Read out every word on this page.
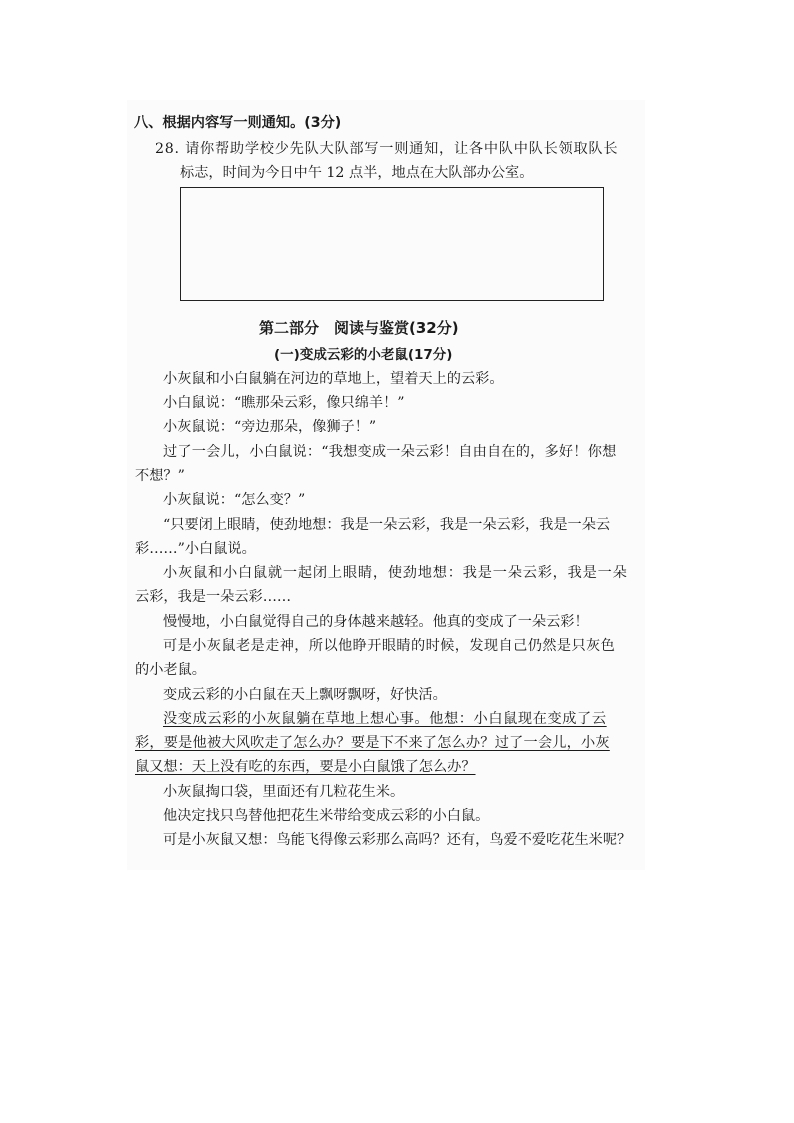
八、根据内容写一则通知。(3分)
28. 请你帮助学校少先队大队部写一则通知，让各中队中队长领取队长
标志，时间为今日中午 12 点半，地点在大队部办公室。
第二部分　阅读与鉴赏(32分)
(一)变成云彩的小老鼠(17分)
小灰鼠和小白鼠躺在河边的草地上，望着天上的云彩。
小白鼠说：“瞧那朵云彩，像只绵羊！”
小灰鼠说：“旁边那朵，像狮子！”
过了一会儿，小白鼠说：“我想变成一朵云彩！自由自在的，多好！你想
不想？”
小灰鼠说：“怎么变？”
“只要闭上眼睛，使劲地想：我是一朵云彩，我是一朵云彩，我是一朵云
彩……”小白鼠说。
小灰鼠和小白鼠就一起闭上眼睛，使劲地想：我是一朵云彩，我是一朵
云彩，我是一朵云彩……
慢慢地，小白鼠觉得自己的身体越来越轻。他真的变成了一朵云彩！
可是小灰鼠老是走神，所以他睁开眼睛的时候，发现自己仍然是只灰色
的小老鼠。
变成云彩的小白鼠在天上飘呀飘呀，好快活。
没变成云彩的小灰鼠躺在草地上想心事。他想：小白鼠现在变成了云
彩，要是他被大风吹走了怎么办？要是下不来了怎么办？过了一会儿，小灰
鼠又想：天上没有吃的东西，要是小白鼠饿了怎么办？
小灰鼠掏口袋，里面还有几粒花生米。
他决定找只鸟替他把花生米带给变成云彩的小白鼠。
可是小灰鼠又想：鸟能飞得像云彩那么高吗？还有，鸟爱不爱吃花生米呢？
